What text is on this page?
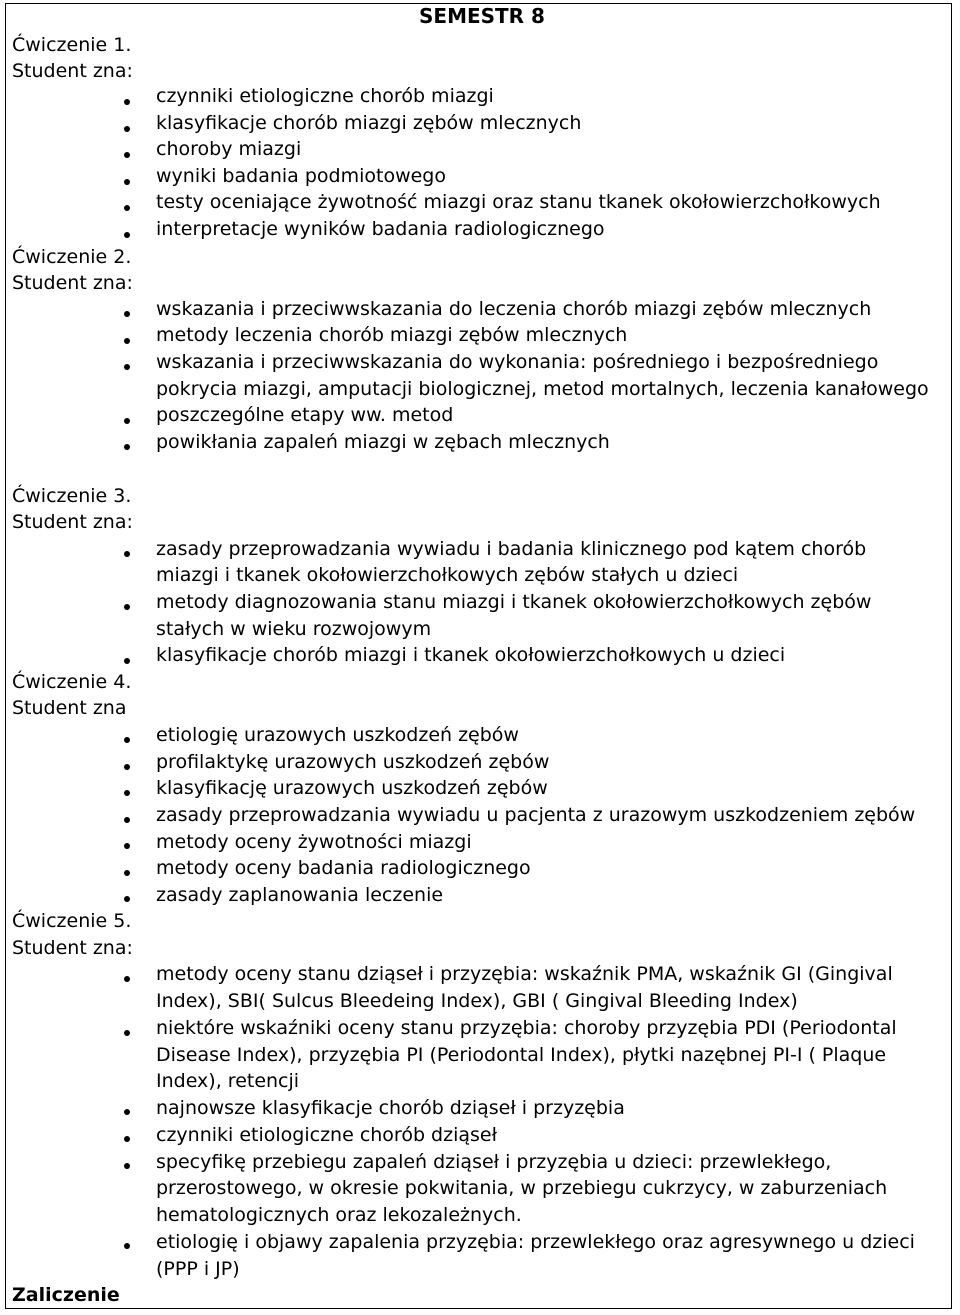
SEMESTR 8
Ćwiczenie 1.
Student zna:
czynniki etiologiczne chorób miazgi
klasyfikacje chorób miazgi zębów mlecznych
choroby miazgi
wyniki badania podmiotowego
testy oceniające żywotność miazgi oraz stanu tkanek okołowierzchołkowych
interpretacje wyników badania radiologicznego
Ćwiczenie 2.
Student zna:
wskazania i przeciwwskazania do leczenia chorób miazgi zębów mlecznych
metody leczenia chorób miazgi zębów mlecznych
wskazania i przeciwwskazania do wykonania: pośredniego i bezpośredniego
pokrycia miazgi, amputacji biologicznej, metod mortalnych, leczenia kanałowego
poszczególne etapy ww. metod
powikłania zapaleń miazgi w zębach mlecznych
Ćwiczenie 3.
Student zna:
zasady przeprowadzania wywiadu i badania klinicznego pod kątem chorób
miazgi i tkanek okołowierzchołkowych zębów stałych u dzieci
metody diagnozowania stanu miazgi i tkanek okołowierzchołkowych zębów
stałych w wieku rozwojowym
klasyfikacje chorób miazgi i tkanek okołowierzchołkowych u dzieci
Ćwiczenie 4.
Student zna
etiologię urazowych uszkodzeń zębów
profilaktykę urazowych uszkodzeń zębów
klasyfikację urazowych uszkodzeń zębów
zasady przeprowadzania wywiadu u pacjenta z urazowym uszkodzeniem zębów
metody oceny żywotności miazgi
metody oceny badania radiologicznego
zasady zaplanowania leczenie
Ćwiczenie 5.
Student zna:
metody oceny stanu dziąseł i przyzębia: wskaźnik PMA, wskaźnik GI (Gingival
Index), SBI( Sulcus Bleedeing Index), GBI ( Gingival Bleeding Index)
niektóre wskaźniki oceny stanu przyzębia: choroby przyzębia PDI (Periodontal
Disease Index), przyzębia PI (Periodontal Index), płytki nazębnej PI-I ( Plaque
Index), retencji
najnowsze klasyfikacje chorób dziąseł i przyzębia
czynniki etiologiczne chorób dziąseł
specyfikę przebiegu zapaleń dziąseł i przyzębia u dzieci: przewlekłego,
przerostowego, w okresie pokwitania, w przebiegu cukrzycy, w zaburzeniach
hematologicznych oraz lekozależnych.
etiologię i objawy zapalenia przyzębia: przewlekłego oraz agresywnego u dzieci
(PPP i JP)
Zaliczenie
